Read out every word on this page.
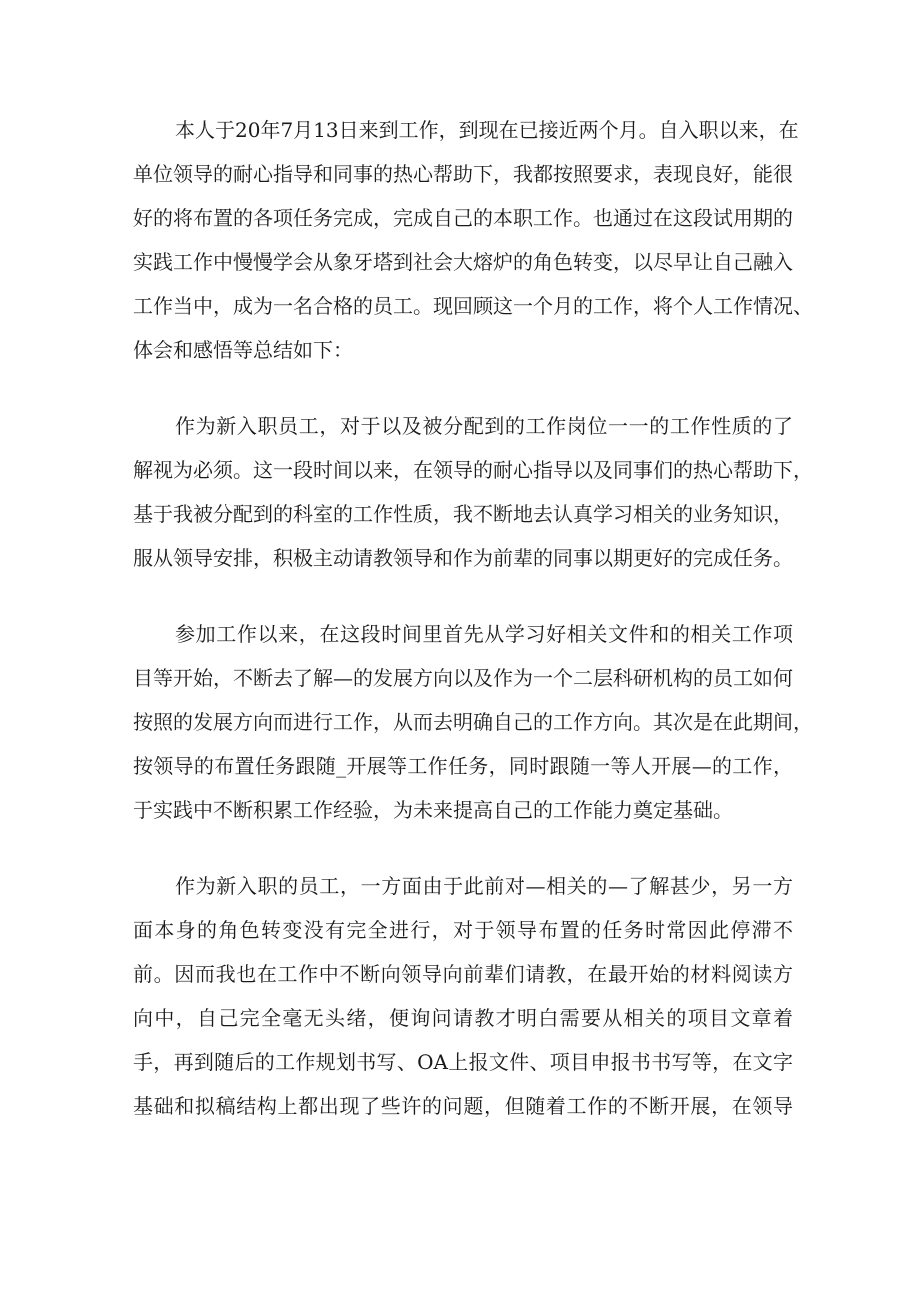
本人于20年7月13日来到工作，到现在已接近两个月。自入职以来，在
单位领导的耐心指导和同事的热心帮助下，我都按照要求，表现良好，能很
好的将布置的各项任务完成，完成自己的本职工作。也通过在这段试用期的
实践工作中慢慢学会从象牙塔到社会大熔炉的角色转变，以尽早让自己融入
工作当中，成为一名合格的员工。现回顾这一个月的工作，将个人工作情况、
体会和感悟等总结如下：

作为新入职员工，对于以及被分配到的工作岗位一一的工作性质的了
解视为必须。这一段时间以来，在领导的耐心指导以及同事们的热心帮助下，
基于我被分配到的科室的工作性质，我不断地去认真学习相关的业务知识，
服从领导安排，积极主动请教领导和作为前辈的同事以期更好的完成任务。

参加工作以来，在这段时间里首先从学习好相关文件和的相关工作项
目等开始，不断去了解—的发展方向以及作为一个二层科研机构的员工如何
按照的发展方向而进行工作，从而去明确自己的工作方向。其次是在此期间，
按领导的布置任务跟随_开展等工作任务，同时跟随一等人开展—的工作，
于实践中不断积累工作经验，为未来提高自己的工作能力奠定基础。

作为新入职的员工，一方面由于此前对—相关的—了解甚少，另一方
面本身的角色转变没有完全进行，对于领导布置的任务时常因此停滞不
前。因而我也在工作中不断向领导向前辈们请教，在最开始的材料阅读方
向中，自己完全毫无头绪，便询问请教才明白需要从相关的项目文章着
手，再到随后的工作规划书写、OA上报文件、项目申报书书写等，在文字
基础和拟稿结构上都出现了些许的问题，但随着工作的不断开展，在领导
